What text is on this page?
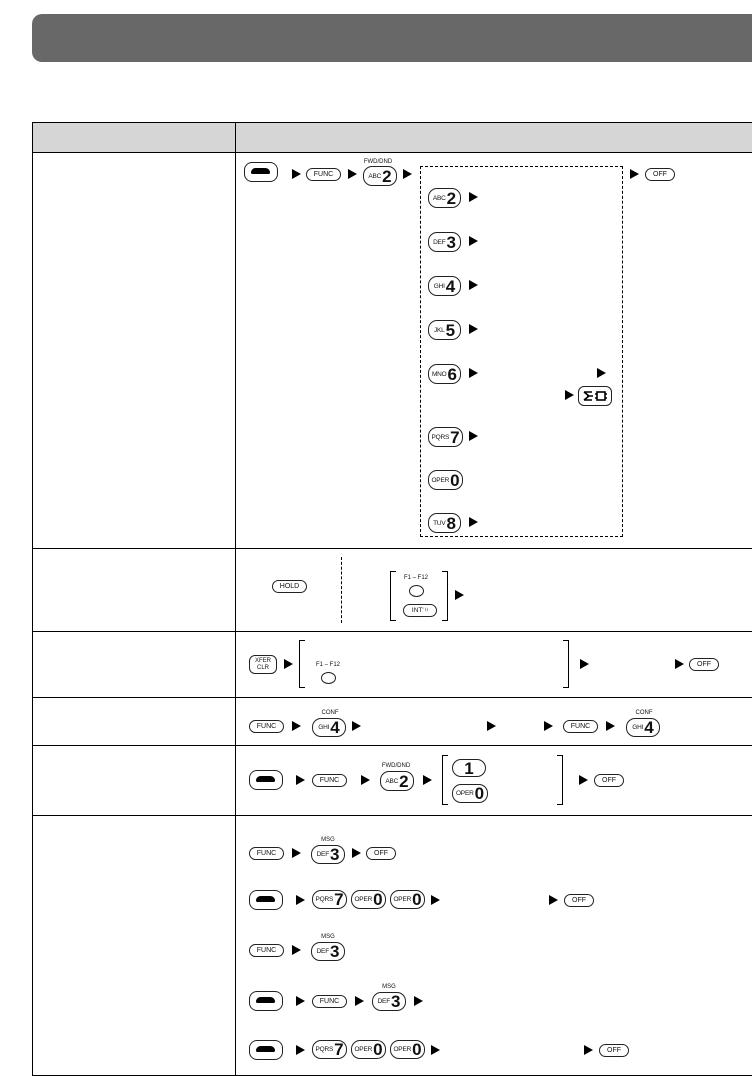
FUNC
FWD/DND
ABC 2	OFF
ABC 2
DEF 3
GHI 4
JKL 5
MNO 6
PQRS 7
OPER 0
TUV 8
HOLD
F1 – F12
INT' ⁾⁾
XFER
CLR	F1 – F12	OFF
FUNC
CONF
GHI 4	FUNC
CONF
GHI 4
FUNC
FWD/DND
ABC 2
1
OPER 0
OFF
FUNC
MSG
DEF 3	OFF
PQRS 7 OPER 0 OPER 0	OFF
FUNC
MSG
DEF 3
FUNC
MSG
DEF 3
PQRS 7 OPER 0 OPER 0	OFF
